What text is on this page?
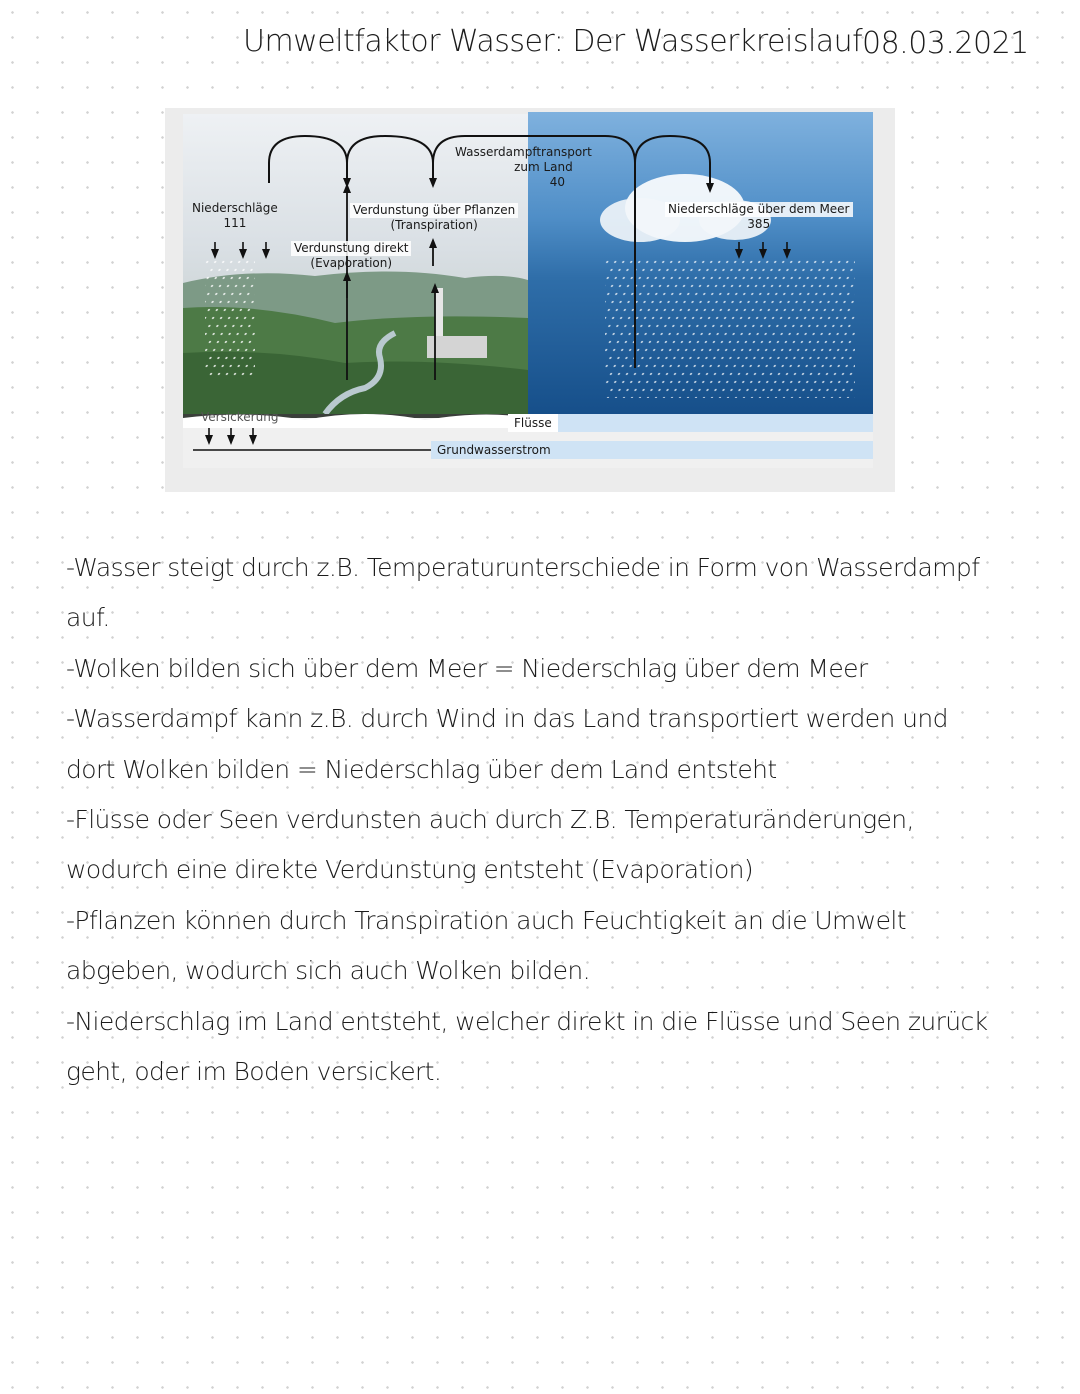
Umweltfaktor Wasser: Der Wasserkreislauf 08.03.2021
Niederschläge
111
Verdunstung über Pflanzen
(Transpiration)
Verdunstung direkt
(Evaporation)
Wasserdampftransport
zum Land
40
Niederschläge über dem Meer
385
Versickerung	Flüsse
Grundwasserstrom

-Wasser steigt durch z.B. Temperaturunterschiede in Form von Wasserdampf

auf.

-Wolken bilden sich über dem Meer = Niederschlag über dem Meer

-Wasserdampf kann z.B. durch Wind in das Land transportiert werden und

dort Wolken bilden = Niederschlag über dem Land entsteht

-Flüsse oder Seen verdunsten auch durch Z.B. Temperaturänderungen,

wodurch eine direkte Verdunstung entsteht (Evaporation)

-Pflanzen können durch Transpiration auch Feuchtigkeit an die Umwelt

abgeben, wodurch sich auch Wolken bilden.

-Niederschlag im Land entsteht, welcher direkt in die Flüsse und Seen zurück

geht, oder im Boden versickert.
